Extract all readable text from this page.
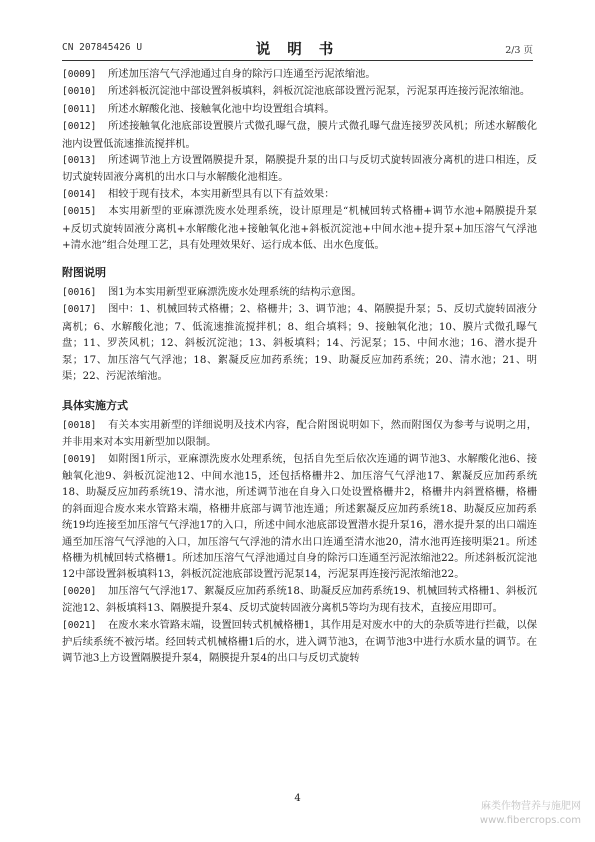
CN 207845426 U	说 明 书	2/3 页

[0009] 所述加压溶气气浮池通过自身的除污口连通至污泥浓缩池。

[0010] 所述斜板沉淀池中部设置斜板填料，斜板沉淀池底部设置污泥泵，污泥泵再连接污泥浓缩池。

[0011] 所述水解酸化池、接触氧化池中均设置组合填料。

[0012] 所述接触氧化池底部设置膜片式微孔曝气盘，膜片式微孔曝气盘连接罗茨风机；所述水解酸化池内设置低流速推流搅拌机。

[0013] 所述调节池上方设置隔膜提升泵，隔膜提升泵的出口与反切式旋转固液分离机的进口相连，反切式旋转固液分离机的出水口与水解酸化池相连。

[0014] 相较于现有技术，本实用新型具有以下有益效果：

[0015] 本实用新型的亚麻漂洗废水处理系统，设计原理是“机械回转式格栅+调节水池+隔膜提升泵+反切式旋转固液分离机+水解酸化池+接触氧化池+斜板沉淀池+中间水池+提升泵+加压溶气气浮池+清水池”组合处理工艺，具有处理效果好、运行成本低、出水色度低。

附图说明

[0016] 图1为本实用新型亚麻漂洗废水处理系统的结构示意图。

[0017] 图中：1、机械回转式格栅；2、格栅井；3、调节池；4、隔膜提升泵；5、反切式旋转固液分离机；6、水解酸化池；7、低流速推流搅拌机；8、组合填料；9、接触氧化池；10、膜片式微孔曝气盘；11、罗茨风机；12、斜板沉淀池；13、斜板填料；14、污泥泵；15、中间水池；16、潜水提升泵；17、加压溶气气浮池；18、絮凝反应加药系统；19、助凝反应加药系统；20、清水池；21、明渠；22、污泥浓缩池。

具体实施方式

[0018] 有关本实用新型的详细说明及技术内容，配合附图说明如下，然而附图仅为参考与说明之用，并非用来对本实用新型加以限制。

[0019] 如附图1所示，亚麻漂洗废水处理系统，包括自先至后依次连通的调节池3、水解酸化池6、接触氧化池9、斜板沉淀池12、中间水池15，还包括格栅井2、加压溶气气浮池17、絮凝反应加药系统18、助凝反应加药系统19、清水池，所述调节池在自身入口处设置格栅井2，格栅井内斜置格栅，格栅的斜面迎合废水来水管路末端，格栅井底部与调节池连通；所述絮凝反应加药系统18、助凝反应加药系统19均连接至加压溶气气浮池17的入口，所述中间水池底部设置潜水提升泵16，潜水提升泵的出口端连通至加压溶气气浮池的入口，加压溶气气浮池的清水出口连通至清水池20，清水池再连接明渠21。所述格栅为机械回转式格栅1。所述加压溶气气浮池通过自身的除污口连通至污泥浓缩池22。所述斜板沉淀池12中部设置斜板填料13，斜板沉淀池底部设置污泥泵14，污泥泵再连接污泥浓缩池22。

[0020] 加压溶气气浮池17、絮凝反应加药系统18、助凝反应加药系统19、机械回转式格栅1、斜板沉淀池12、斜板填料13、隔膜提升泵4、反切式旋转固液分离机5等均为现有技术，直接应用即可。

[0021] 在废水来水管路末端，设置回转式机械格栅1，其作用是对废水中的大的杂质等进行拦截，以保护后续系统不被污堵。经回转式机械格栅1后的水，进入调节池3，在调节池3中进行水质水量的调节。在调节池3上方设置隔膜提升泵4，隔膜提升泵4的出口与反切式旋转

4
麻类作物营养与施肥网
www.fibercrops.com
